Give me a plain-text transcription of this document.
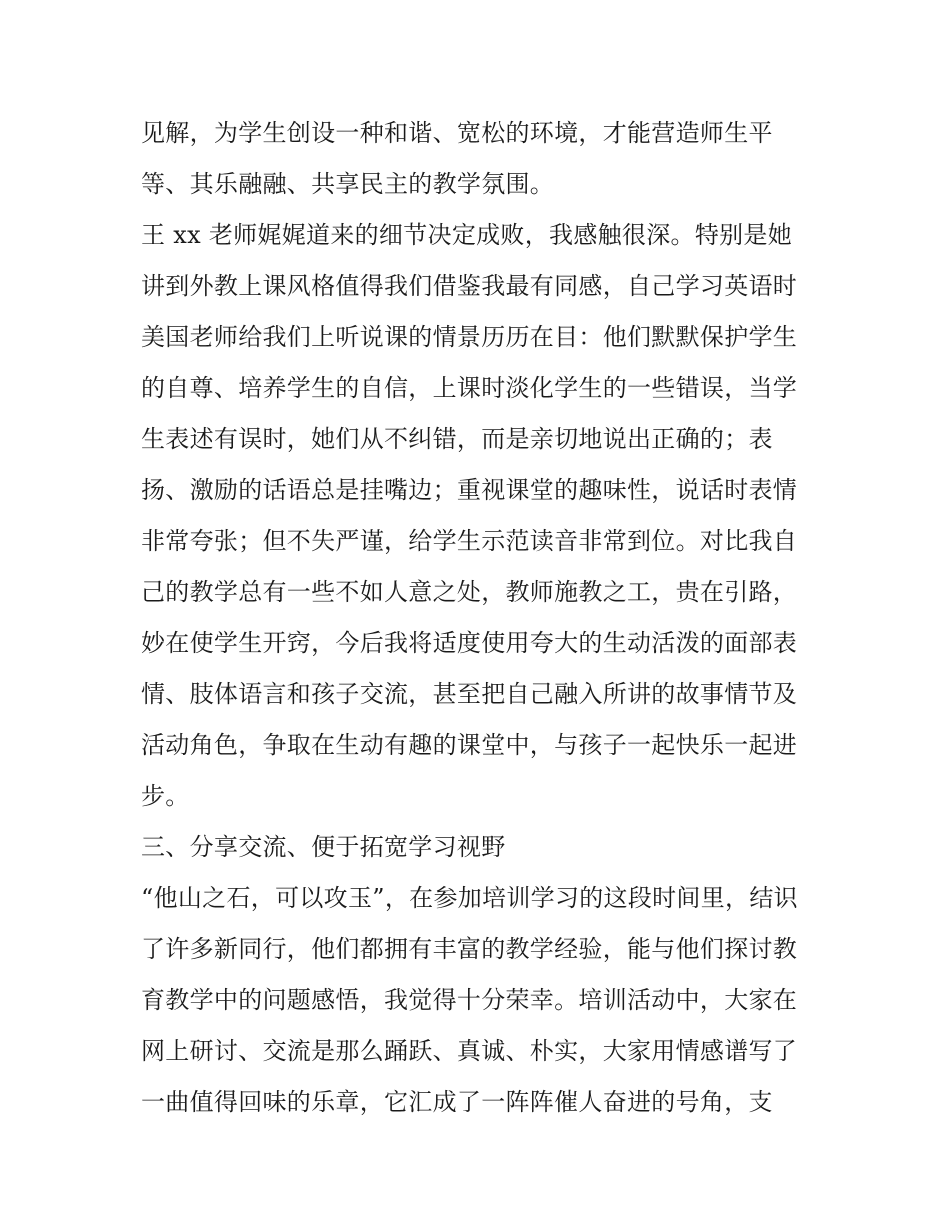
见解，为学生创设一种和谐、宽松的环境，才能营造师生平
等、其乐融融、共享民主的教学氛围。
王 xx 老师娓娓道来的细节决定成败，我感触很深。特别是她
讲到外教上课风格值得我们借鉴我最有同感，自己学习英语时
美国老师给我们上听说课的情景历历在目：他们默默保护学生
的自尊、培养学生的自信，上课时淡化学生的一些错误，当学
生表述有误时，她们从不纠错，而是亲切地说出正确的；表
扬、激励的话语总是挂嘴边；重视课堂的趣味性，说话时表情
非常夸张；但不失严谨，给学生示范读音非常到位。对比我自
己的教学总有一些不如人意之处，教师施教之工，贵在引路，
妙在使学生开窍，今后我将适度使用夸大的生动活泼的面部表
情、肢体语言和孩子交流，甚至把自己融入所讲的故事情节及
活动角色，争取在生动有趣的课堂中，与孩子一起快乐一起进
步。
三、分享交流、便于拓宽学习视野
“他山之石，可以攻玉”，在参加培训学习的这段时间里，结识
了许多新同行，他们都拥有丰富的教学经验，能与他们探讨教
育教学中的问题感悟，我觉得十分荣幸。培训活动中，大家在
网上研讨、交流是那么踊跃、真诚、朴实，大家用情感谱写了
一曲值得回味的乐章，它汇成了一阵阵催人奋进的号角，支
